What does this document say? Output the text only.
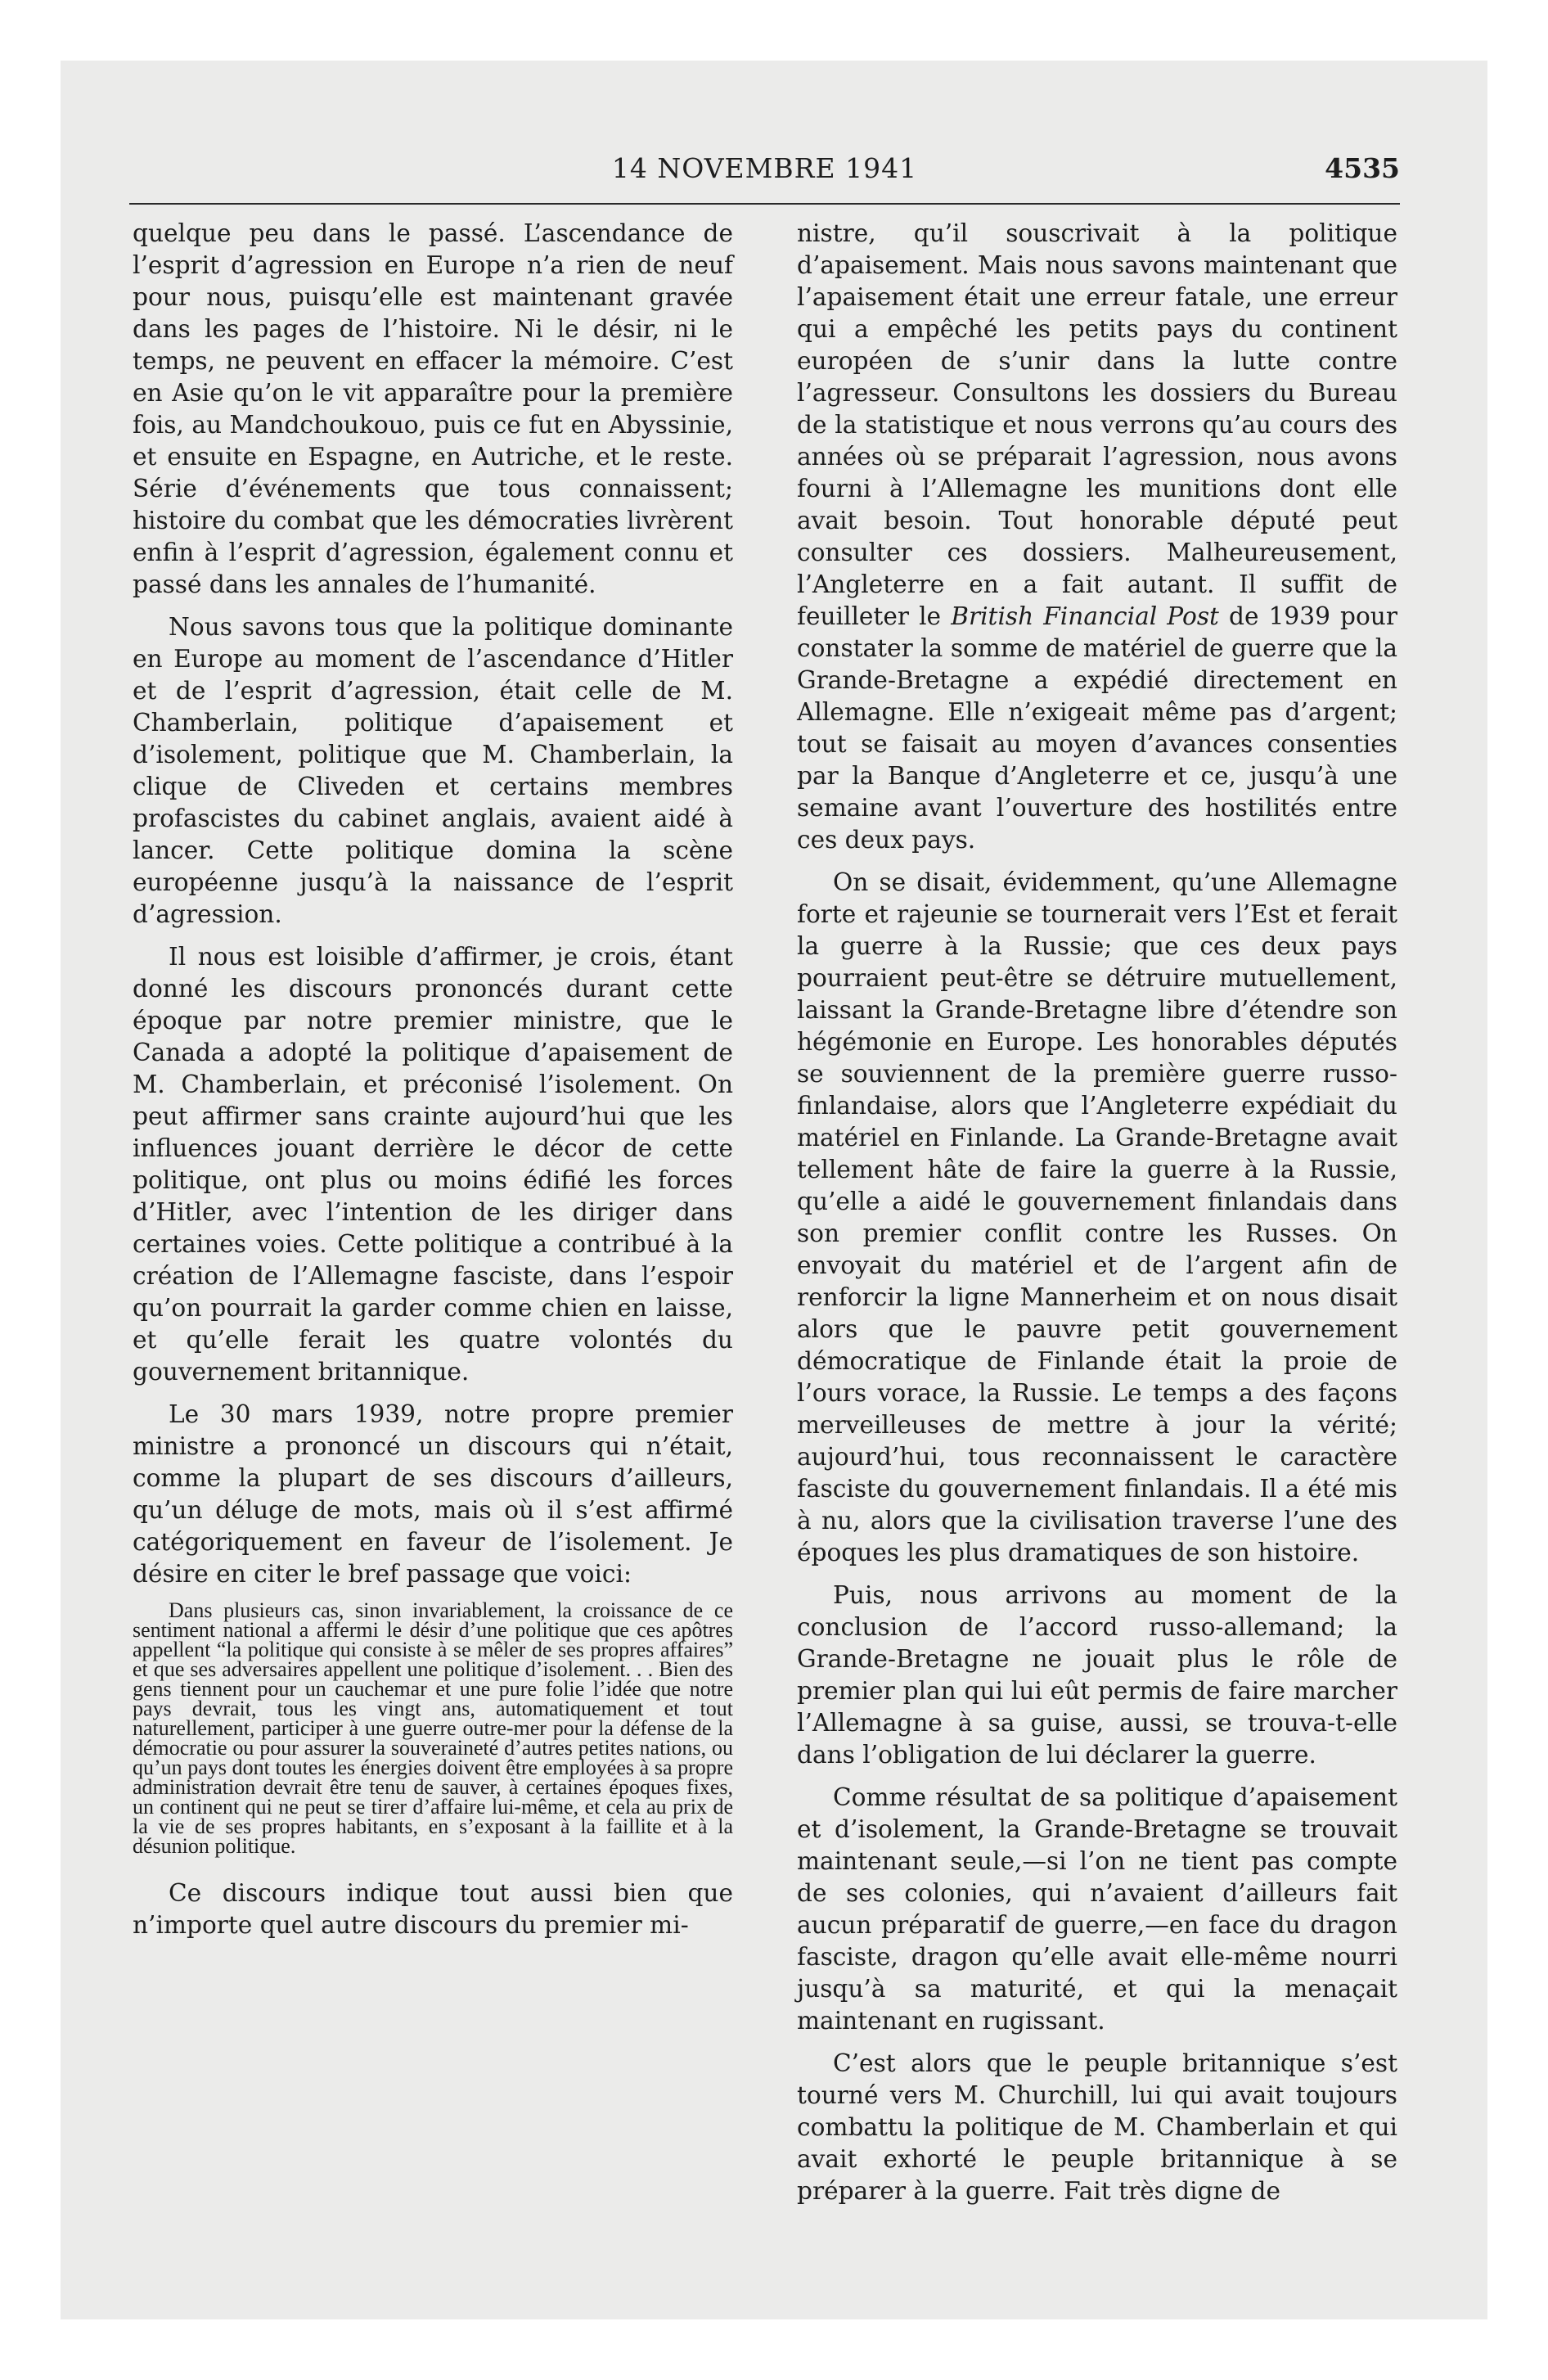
14 NOVEMBRE 1941	4535

quelque peu dans le passé. L’ascendance de l’esprit d’agression en Europe n’a rien de neuf pour nous, puisqu’elle est maintenant gravée dans les pages de l’histoire. Ni le désir, ni le temps, ne peuvent en effacer la mémoire. C’est en Asie qu’on le vit apparaître pour la première fois, au Mandchoukouo, puis ce fut en Abyssinie, et ensuite en Espagne, en Autriche, et le reste. Série d’événements que tous connaissent; histoire du combat que les démocraties livrèrent enfin à l’esprit d’agression, également connu et passé dans les annales de l’humanité.

Nous savons tous que la politique dominante en Europe au moment de l’ascendance d’Hitler et de l’esprit d’agression, était celle de M. Chamberlain, politique d’apaisement et d’isolement, politique que M. Chamberlain, la clique de Cliveden et certains membres profascistes du cabinet anglais, avaient aidé à lancer. Cette politique domina la scène européenne jusqu’à la naissance de l’esprit d’agression.

Il nous est loisible d’affirmer, je crois, étant donné les discours prononcés durant cette époque par notre premier ministre, que le Canada a adopté la politique d’apaisement de M. Chamberlain, et préconisé l’isolement. On peut affirmer sans crainte aujourd’hui que les influences jouant derrière le décor de cette politique, ont plus ou moins édifié les forces d’Hitler, avec l’intention de les diriger dans certaines voies. Cette politique a contribué à la création de l’Allemagne fasciste, dans l’espoir qu’on pourrait la garder comme chien en laisse, et qu’elle ferait les quatre volontés du gouvernement britannique.

Le 30 mars 1939, notre propre premier ministre a prononcé un discours qui n’était, comme la plupart de ses discours d’ailleurs, qu’un déluge de mots, mais où il s’est affirmé catégoriquement en faveur de l’isolement. Je désire en citer le bref passage que voici:

Dans plusieurs cas, sinon invariablement, la croissance de ce sentiment national a affermi le désir d’une politique que ces apôtres appellent “la politique qui consiste à se mêler de ses propres affaires” et que ses adversaires appellent une politique d’isolement. . . Bien des gens tiennent pour un cauchemar et une pure folie l’idée que notre pays devrait, tous les vingt ans, automatiquement et tout naturellement, participer à une guerre outre-mer pour la défense de la démocratie ou pour assurer la souveraineté d’autres petites nations, ou qu’un pays dont toutes les énergies doivent être employées à sa propre administration devrait être tenu de sauver, à certaines époques fixes, un continent qui ne peut se tirer d’affaire lui-même, et cela au prix de la vie de ses propres habitants, en s’exposant à la faillite et à la désunion politique.

Ce discours indique tout aussi bien que n’importe quel autre discours du premier mi-

nistre, qu’il souscrivait à la politique d’apaisement. Mais nous savons maintenant que l’apaisement était une erreur fatale, une erreur qui a empêché les petits pays du continent européen de s’unir dans la lutte contre l’agresseur. Consultons les dossiers du Bureau de la statistique et nous verrons qu’au cours des années où se préparait l’agression, nous avons fourni à l’Allemagne les munitions dont elle avait besoin. Tout honorable député peut consulter ces dossiers. Malheureusement, l’Angleterre en a fait autant. Il suffit de feuilleter le British Financial Post de 1939 pour constater la somme de matériel de guerre que la Grande-Bretagne a expédié directement en Allemagne. Elle n’exigeait même pas d’argent; tout se faisait au moyen d’avances consenties par la Banque d’Angleterre et ce, jusqu’à une semaine avant l’ouverture des hostilités entre ces deux pays.

On se disait, évidemment, qu’une Allemagne forte et rajeunie se tournerait vers l’Est et ferait la guerre à la Russie; que ces deux pays pourraient peut-être se détruire mutuellement, laissant la Grande-Bretagne libre d’étendre son hégémonie en Europe. Les honorables députés se souviennent de la première guerre russo-finlandaise, alors que l’Angleterre expédiait du matériel en Finlande. La Grande-Bretagne avait tellement hâte de faire la guerre à la Russie, qu’elle a aidé le gouvernement finlandais dans son premier conflit contre les Russes. On envoyait du matériel et de l’argent afin de renforcir la ligne Mannerheim et on nous disait alors que le pauvre petit gouvernement démocratique de Finlande était la proie de l’ours vorace, la Russie. Le temps a des façons merveilleuses de mettre à jour la vérité; aujourd’hui, tous reconnaissent le caractère fasciste du gouvernement finlandais. Il a été mis à nu, alors que la civilisation traverse l’une des époques les plus dramatiques de son histoire.

Puis, nous arrivons au moment de la conclusion de l’accord russo-allemand; la Grande-Bretagne ne jouait plus le rôle de premier plan qui lui eût permis de faire marcher l’Allemagne à sa guise, aussi, se trouva-t-elle dans l’obligation de lui déclarer la guerre.

Comme résultat de sa politique d’apaisement et d’isolement, la Grande-Bretagne se trouvait maintenant seule,—si l’on ne tient pas compte de ses colonies, qui n’avaient d’ailleurs fait aucun préparatif de guerre,—en face du dragon fasciste, dragon qu’elle avait elle-même nourri jusqu’à sa maturité, et qui la menaçait maintenant en rugissant.

C’est alors que le peuple britannique s’est tourné vers M. Churchill, lui qui avait toujours combattu la politique de M. Chamberlain et qui avait exhorté le peuple britannique à se préparer à la guerre. Fait très digne de
